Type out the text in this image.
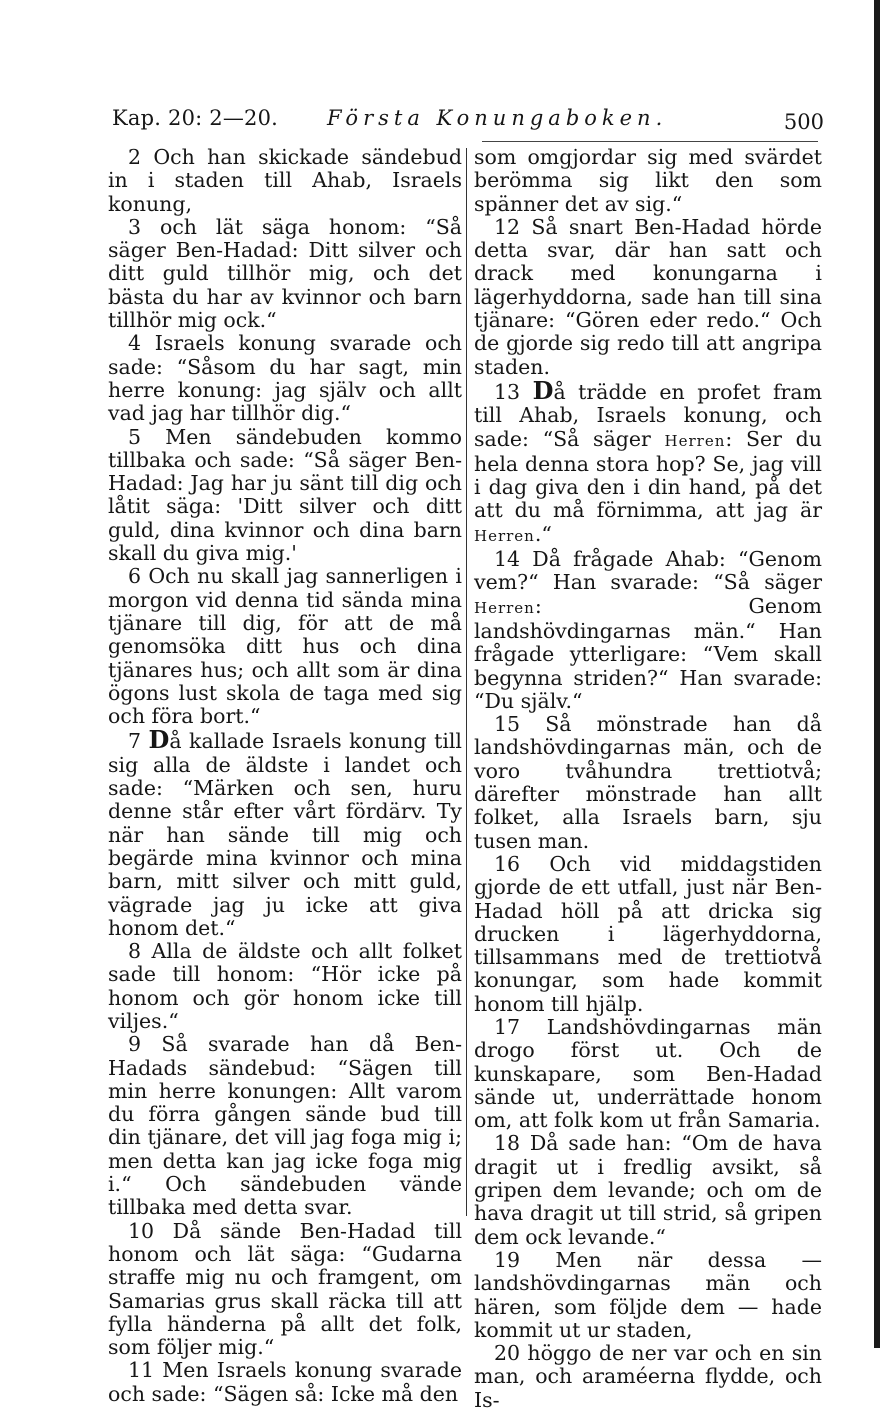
Kap. 20: 2—20. Första Konungaboken.	500

2 Och han skickade sändebud in i staden till Ahab, Israels konung,

3 och lät säga honom: “Så säger Ben-Hadad: Ditt silver och ditt guld tillhör mig, och det bästa du har av kvinnor och barn tillhör mig ock.“

4 Israels konung svarade och sade: “Såsom du har sagt, min herre konung: jag själv och allt vad jag har tillhör dig.“

5 Men sändebuden kommo tillbaka och sade: “Så säger Ben-Hadad: Jag har ju sänt till dig och låtit säga: 'Ditt silver och ditt guld, dina kvinnor och dina barn skall du giva mig.'

6 Och nu skall jag sannerligen i morgon vid denna tid sända mina tjänare till dig, för att de må genomsöka ditt hus och dina tjänares hus; och allt som är dina ögons lust skola de taga med sig och föra bort.“

7 Då kallade Israels konung till sig alla de äldste i landet och sade: “Märken och sen, huru denne står efter vårt fördärv. Ty när han sände till mig och begärde mina kvinnor och mina barn, mitt silver och mitt guld, vägrade jag ju icke att giva honom det.“

8 Alla de äldste och allt folket sade till honom: “Hör icke på honom och gör honom icke till viljes.“

9 Så svarade han då Ben-Hadads sändebud: “Sägen till min herre konungen: Allt varom du förra gången sände bud till din tjänare, det vill jag foga mig i; men detta kan jag icke foga mig i.“ Och sändebuden vände tillbaka med detta svar.

10 Då sände Ben-Hadad till honom och lät säga: “Gudarna straffe mig nu och framgent, om Samarias grus skall räcka till att fylla händerna på allt det folk, som följer mig.“

11 Men Israels konung svarade och sade: “Sägen så: Icke må den

som omgjordar sig med svärdet berömma sig likt den som spänner det av sig.“

12 Så snart Ben-Hadad hörde detta svar, där han satt och drack med konungarna i lägerhyddorna, sade han till sina tjänare: “Gören eder redo.“ Och de gjorde sig redo till att angripa staden.

13 Då trädde en profet fram till Ahab, Israels konung, och sade: “Så säger Herren: Ser du hela denna stora hop? Se, jag vill i dag giva den i din hand, på det att du må förnimma, att jag är Herren.“

14 Då frågade Ahab: “Genom vem?“ Han svarade: “Så säger Herren: Genom landshövdingarnas män.“ Han frågade ytterligare: “Vem skall begynna striden?“ Han svarade: “Du själv.“

15 Så mönstrade han då landshövdingarnas män, och de voro tvåhundra trettiotvå; därefter mönstrade han allt folket, alla Israels barn, sju tusen man.

16 Och vid middagstiden gjorde de ett utfall, just när Ben-Hadad höll på att dricka sig drucken i lägerhyddorna, tillsammans med de trettiotvå konungar, som hade kommit honom till hjälp.

17 Landshövdingarnas män drogo först ut. Och de kunskapare, som Ben-Hadad sände ut, underrättade honom om, att folk kom ut från Samaria.

18 Då sade han: “Om de hava dragit ut i fredlig avsikt, så gripen dem levande; och om de hava dragit ut till strid, så gripen dem ock levande.“

19 Men när dessa — landshövdingarnas män och hären, som följde dem — hade kommit ut ur staden,

20 höggo de ner var och en sin man, och araméerna flydde, och Is-
